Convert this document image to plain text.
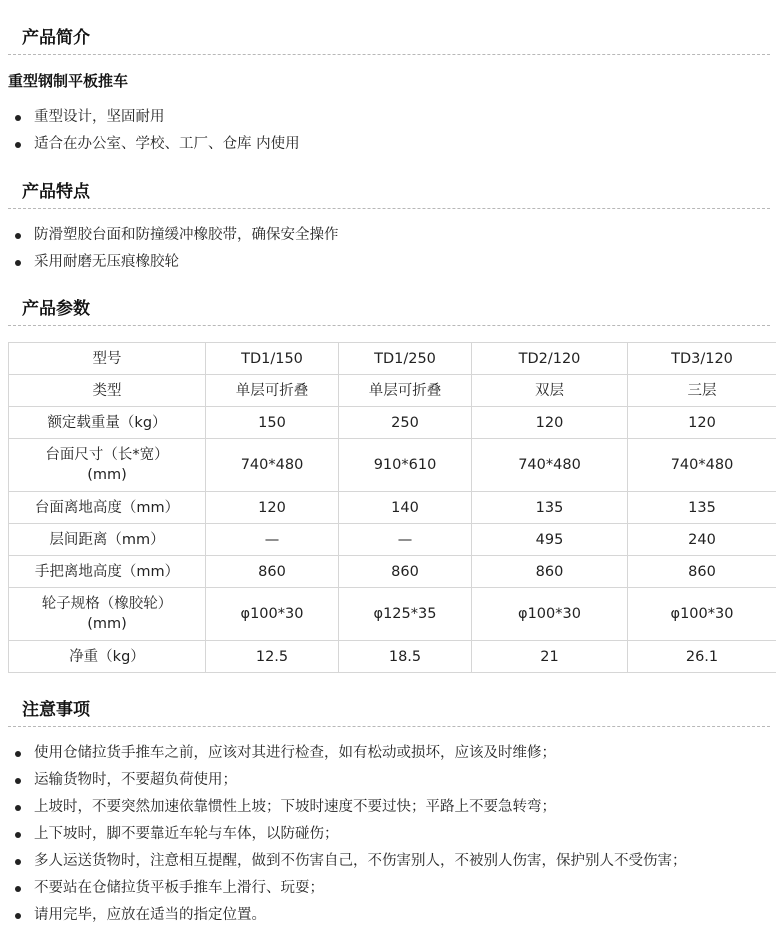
产品简介
重型钢制平板推车
重型设计，坚固耐用
适合在办公室、学校、工厂、仓库 内使用
产品特点
防滑塑胶台面和防撞缓冲橡胶带，确保安全操作
采用耐磨无压痕橡胶轮
产品参数
型号	TD1/150	TD1/250	TD2/120	TD3/120
类型	单层可折叠	单层可折叠	双层	三层
额定载重量（kg）	150	250	120	120
台面尺寸（长*宽）
(mm)	740*480	910*610	740*480	740*480
台面离地高度（mm）	120	140	135	135
层间距离（mm）	—	—	495	240
手把离地高度（mm）	860	860	860	860
轮子规格（橡胶轮）
(mm)	φ100*30	φ125*35	φ100*30	φ100*30
净重（kg）	12.5	18.5	21	26.1
注意事项
使用仓储拉货手推车之前，应该对其进行检查，如有松动或损坏，应该及时维修；
运输货物时，不要超负荷使用；
上坡时，不要突然加速依靠惯性上坡；下坡时速度不要过快；平路上不要急转弯；
上下坡时，脚不要靠近车轮与车体，以防碰伤；
多人运送货物时，注意相互提醒，做到不伤害自己，不伤害别人，不被别人伤害，保护别人不受伤害；
不要站在仓储拉货平板手推车上滑行、玩耍；
请用完毕，应放在适当的指定位置。
